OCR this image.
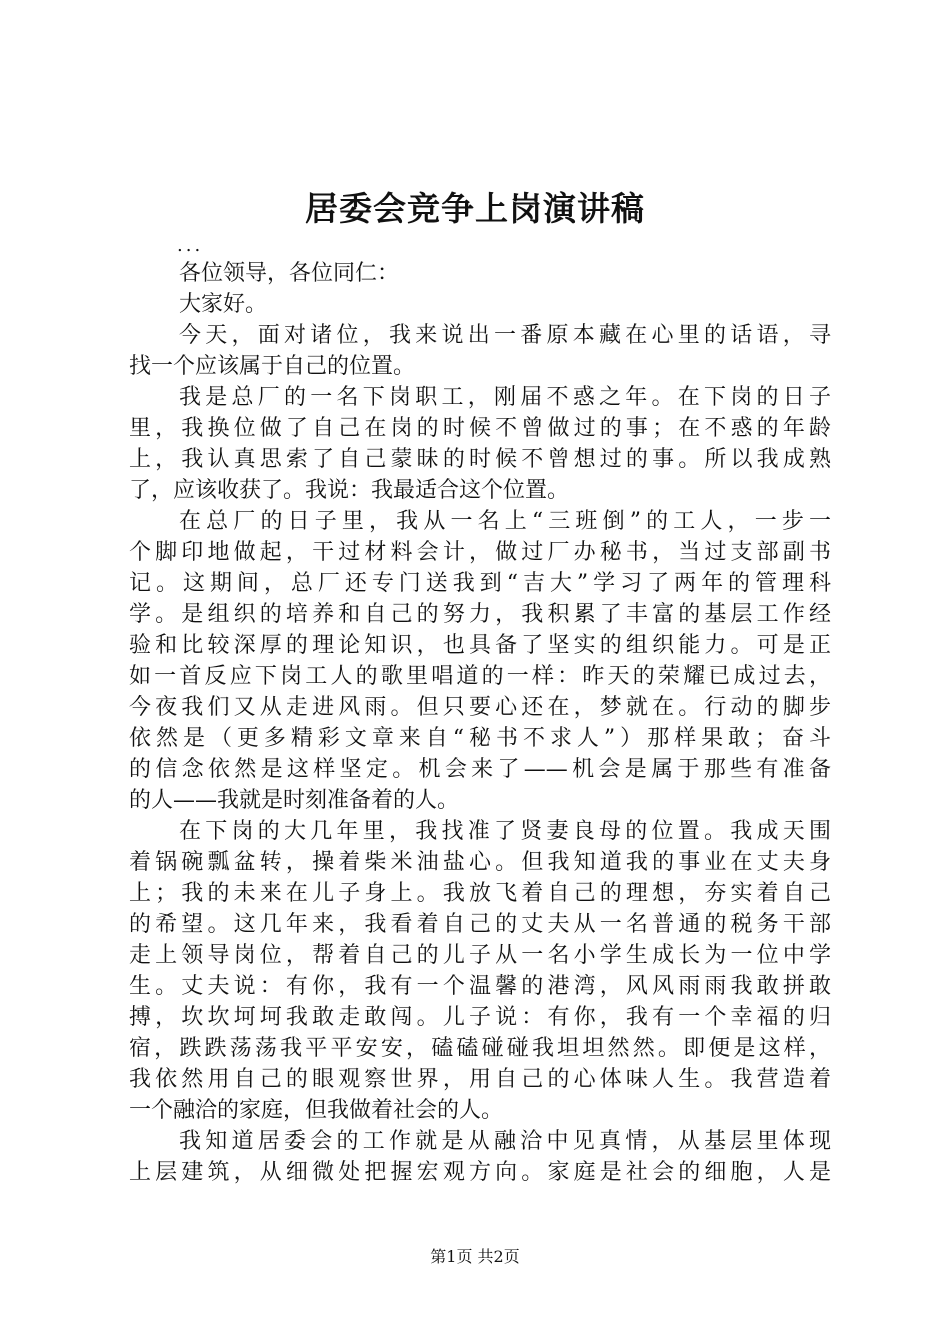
居委会竞争上岗演讲稿
...
各位领导，各位同仁：
大家好。
今天，面对诸位，我来说出一番原本藏在心里的话语，寻
找一个应该属于自己的位置。
我是总厂的一名下岗职工，刚届不惑之年。在下岗的日子
里，我换位做了自己在岗的时候不曾做过的事；在不惑的年龄
上，我认真思索了自己蒙昧的时候不曾想过的事。所以我成熟
了，应该收获了。我说：我最适合这个位置。
在总厂的日子里，我从一名上“三班倒”的工人，一步一
个脚印地做起，干过材料会计，做过厂办秘书，当过支部副书
记。这期间，总厂还专门送我到“吉大”学习了两年的管理科
学。是组织的培养和自己的努力，我积累了丰富的基层工作经
验和比较深厚的理论知识，也具备了坚实的组织能力。可是正
如一首反应下岗工人的歌里唱道的一样：昨天的荣耀已成过去，
今夜我们又从走进风雨。但只要心还在，梦就在。行动的脚步
依然是（更多精彩文章来自“秘书不求人”）那样果敢；奋斗
的信念依然是这样坚定。机会来了——机会是属于那些有准备
的人——我就是时刻准备着的人。
在下岗的大几年里，我找准了贤妻良母的位置。我成天围
着锅碗瓢盆转，操着柴米油盐心。但我知道我的事业在丈夫身
上；我的未来在儿子身上。我放飞着自己的理想，夯实着自己
的希望。这几年来，我看着自己的丈夫从一名普通的税务干部
走上领导岗位，帮着自己的儿子从一名小学生成长为一位中学
生。丈夫说：有你，我有一个温馨的港湾，风风雨雨我敢拼敢
搏，坎坎坷坷我敢走敢闯。儿子说：有你，我有一个幸福的归
宿，跌跌荡荡我平平安安，磕磕碰碰我坦坦然然。即便是这样，
我依然用自己的眼观察世界，用自己的心体味人生。我营造着
一个融洽的家庭，但我做着社会的人。
我知道居委会的工作就是从融洽中见真情，从基层里体现
上层建筑，从细微处把握宏观方向。家庭是社会的细胞，人是
第1页 共2页
